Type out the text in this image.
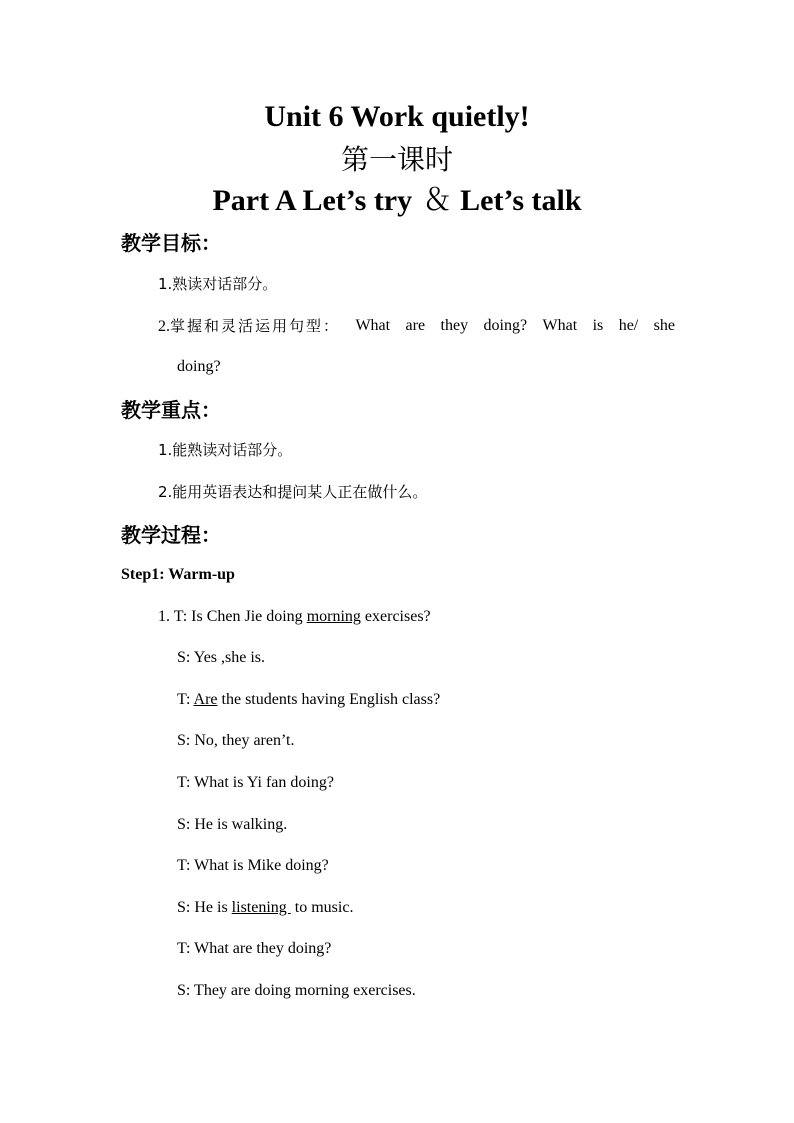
Unit 6 Work quietly!
第一课时
Part A Let’s try ＆ Let’s talk
教学目标：
1.熟读对话部分。
2.掌握和灵活运用句型： What are they doing? What is he/ she
doing?
教学重点：
1.能熟读对话部分。
2.能用英语表达和提问某人正在做什么。
教学过程：
Step1: Warm-up
1. T: Is Chen Jie doing morning exercises?
S: Yes ,she is.
T: Are the students having English class?
S: No, they aren’t.
T: What is Yi fan doing?
S: He is walking.
T: What is Mike doing?
S: He is listening  to music.
T: What are they doing?
S: They are doing morning exercises.
